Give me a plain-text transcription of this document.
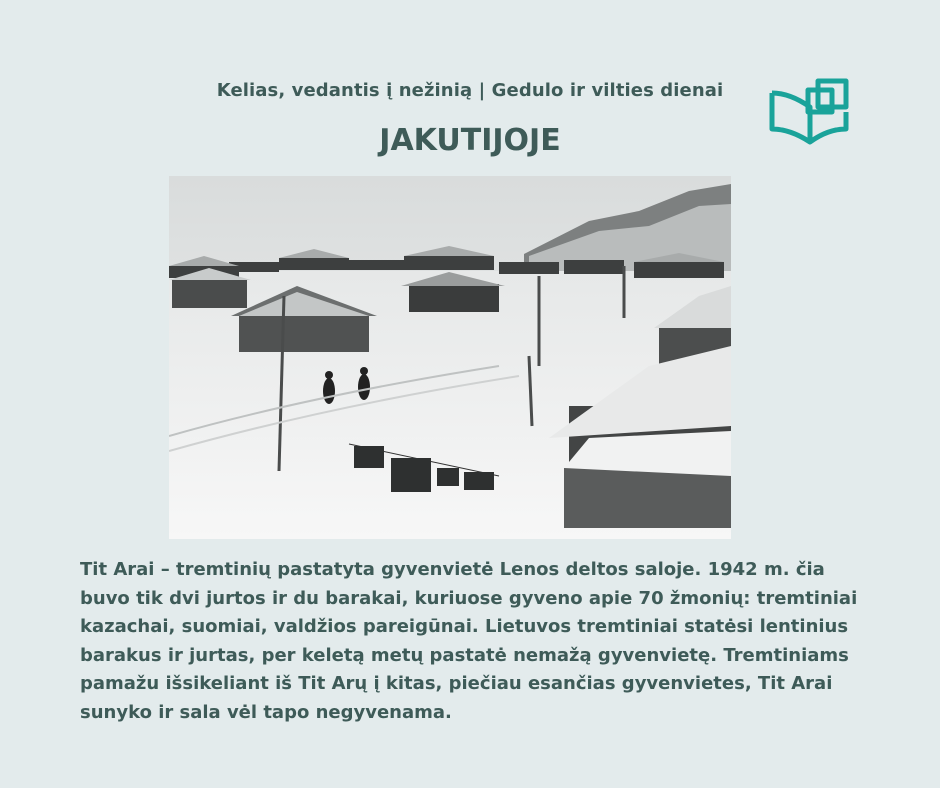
Kelias, vedantis į nežinią | Gedulo ir vilties dienai
JAKUTIJOJE

Tit Arai – tremtinių pastatyta gyvenvietė Lenos deltos saloje. 1942 m. čia buvo tik dvi jurtos ir du barakai, kuriuose gyveno apie 70 žmonių: tremtiniai kazachai, suomiai, valdžios pareigūnai. Lietuvos tremtiniai statėsi lentinius barakus ir jurtas, per keletą metų pastatė nemažą gyvenvietę. Tremtiniams pamažu išsikeliant iš Tit Arų į kitas, piečiau esančias gyvenvietes, Tit Arai sunyko ir sala vėl tapo negyvenama.
